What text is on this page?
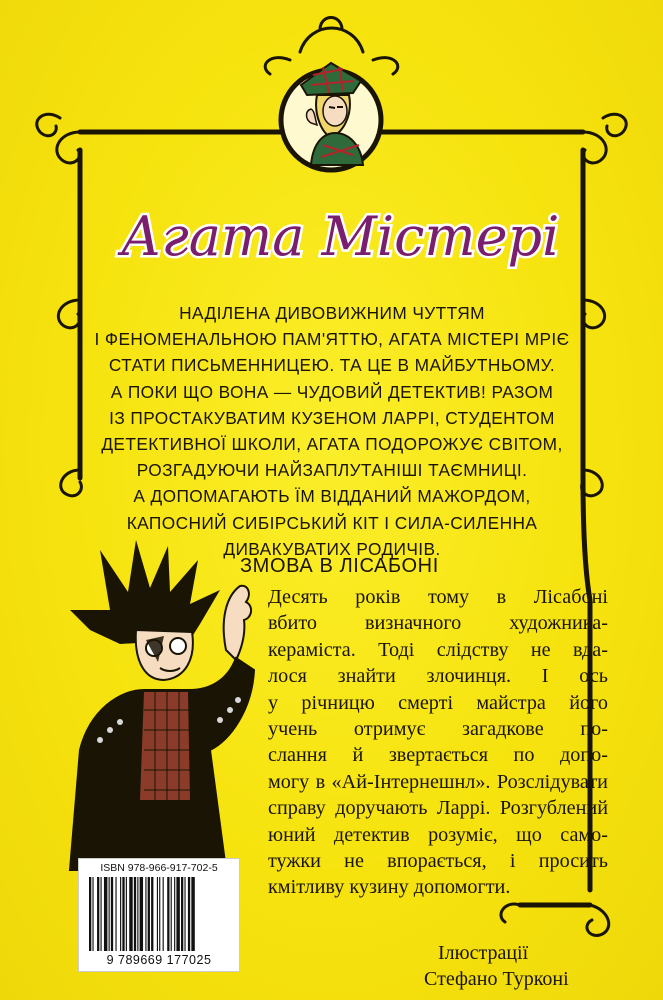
Агата Містері
НАДІЛЕНА ДИВОВИЖНИМ ЧУТТЯМ
І ФЕНОМЕНАЛЬНОЮ ПАМ'ЯТТЮ, АГАТА МІСТЕРІ МРІЄ
СТАТИ ПИСЬМЕННИЦЕЮ. ТА ЦЕ В МАЙБУТНЬОМУ.
А ПОКИ ЩО ВОНА — ЧУДОВИЙ ДЕТЕКТИВ! РАЗОМ
ІЗ ПРОСТАКУВАТИМ КУЗЕНОМ ЛАРРІ, СТУДЕНТОМ
ДЕТЕКТИВНОЇ ШКОЛИ, АГАТА ПОДОРОЖУЄ СВІТОМ,
РОЗГАДУЮЧИ НАЙЗАПЛУТАНІШІ ТАЄМНИЦІ.
А ДОПОМАГАЮТЬ ЇМ ВІДДАНИЙ МАЖОРДОМ,
КАПОСНИЙ СИБІРСЬКИЙ КІТ І СИЛА-СИЛЕННА
ДИВАКУВАТИХ РОДИЧІВ.
ЗМОВА В ЛІСАБОНІ
Десять років тому в Лісабоні
вбито визначного художника-
кераміста. Тоді слідству не вда-
лося знайти злочинця. І ось
у річницю смерті майстра його
учень отримує загадкове по-
слання й звертається по допо-
могу в «Ай-Інтернешнл». Розслідувати
справу доручають Ларрі. Розгублений
юний детектив розуміє, що само-
тужки не впорається, і просить
кмітливу кузину допомогти.
ISBN 978-966-917-702-5
9 789669 177025	Ілюстрації
Стефано Турконі
